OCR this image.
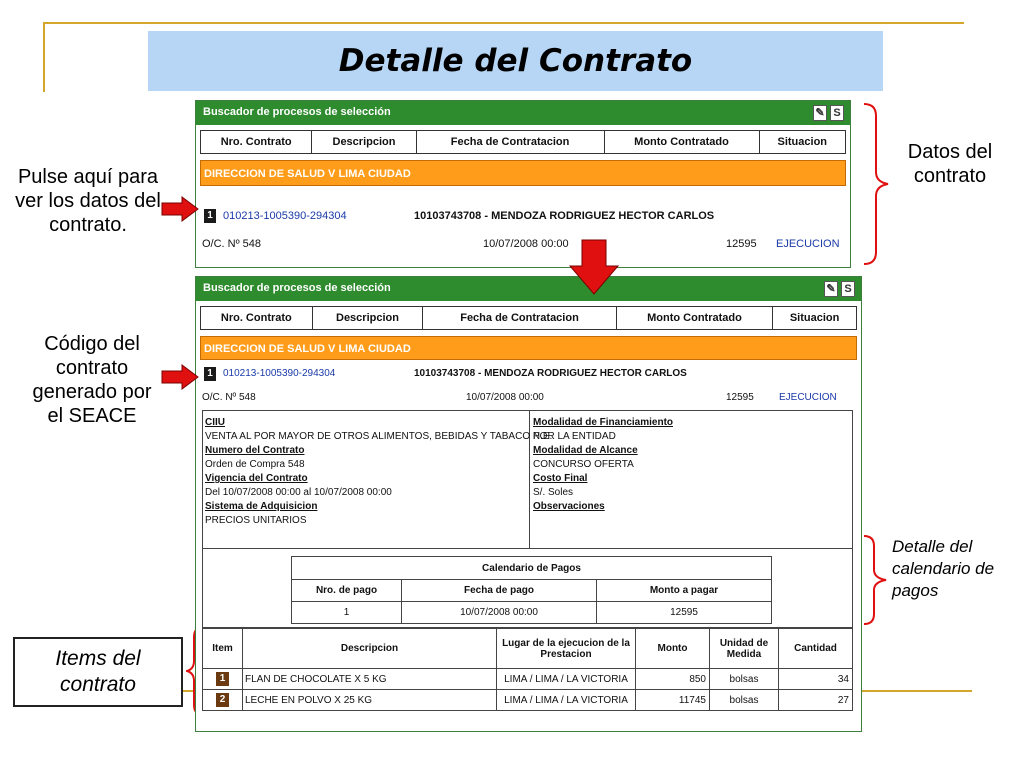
Detalle del Contrato
Pulse aquí para ver los datos del contrato.
Código del contrato generado por el SEACE
Datos del contrato
Detalle del calendario de pagos
Items del contrato
Buscador de procesos de selección	✎ S
Nro. Contrato	Descripcion	Fecha de Contratacion	Monto Contratado	Situacion
DIRECCION DE SALUD V LIMA CIUDAD
1 010213-1005390-294304	10103743708 - MENDOZA RODRIGUEZ HECTOR CARLOS
O/C. Nº 548	10/07/2008 00:00	12595 EJECUCION
Buscador de procesos de selección	✎ S
Nro. Contrato	Descripcion	Fecha de Contratacion	Monto Contratado	Situacion
DIRECCION DE SALUD V LIMA CIUDAD
1	010213-1005390-294304	10103743708 - MENDOZA RODRIGUEZ HECTOR CARLOS
O/C. Nº 548	10/07/2008 00:00	12595	EJECUCION
CIIU
VENTA AL POR MAYOR DE OTROS ALIMENTOS, BEBIDAS Y TABACO N.E.
Numero del Contrato
Orden de Compra 548
Vigencia del Contrato
Del 10/07/2008 00:00 al 10/07/2008 00:00
Sistema de Adquisicion
PRECIOS UNITARIOS
Modalidad de Financiamiento
POR LA ENTIDAD
Modalidad de Alcance
CONCURSO OFERTA
Costo Final
S/. Soles
Observaciones
Calendario de Pagos		
Nro. de pago	Fecha de pago	Monto a pagar
1	10/07/2008 00:00	12595
Item	Descripcion	Lugar de la ejecucion de la Prestacion	Monto	Unidad de Medida	Cantidad
1	FLAN DE CHOCOLATE X 5 KG	LIMA / LIMA / LA VICTORIA	850	bolsas	34
2	LECHE EN POLVO X 25 KG	LIMA / LIMA / LA VICTORIA	11745	bolsas	27
